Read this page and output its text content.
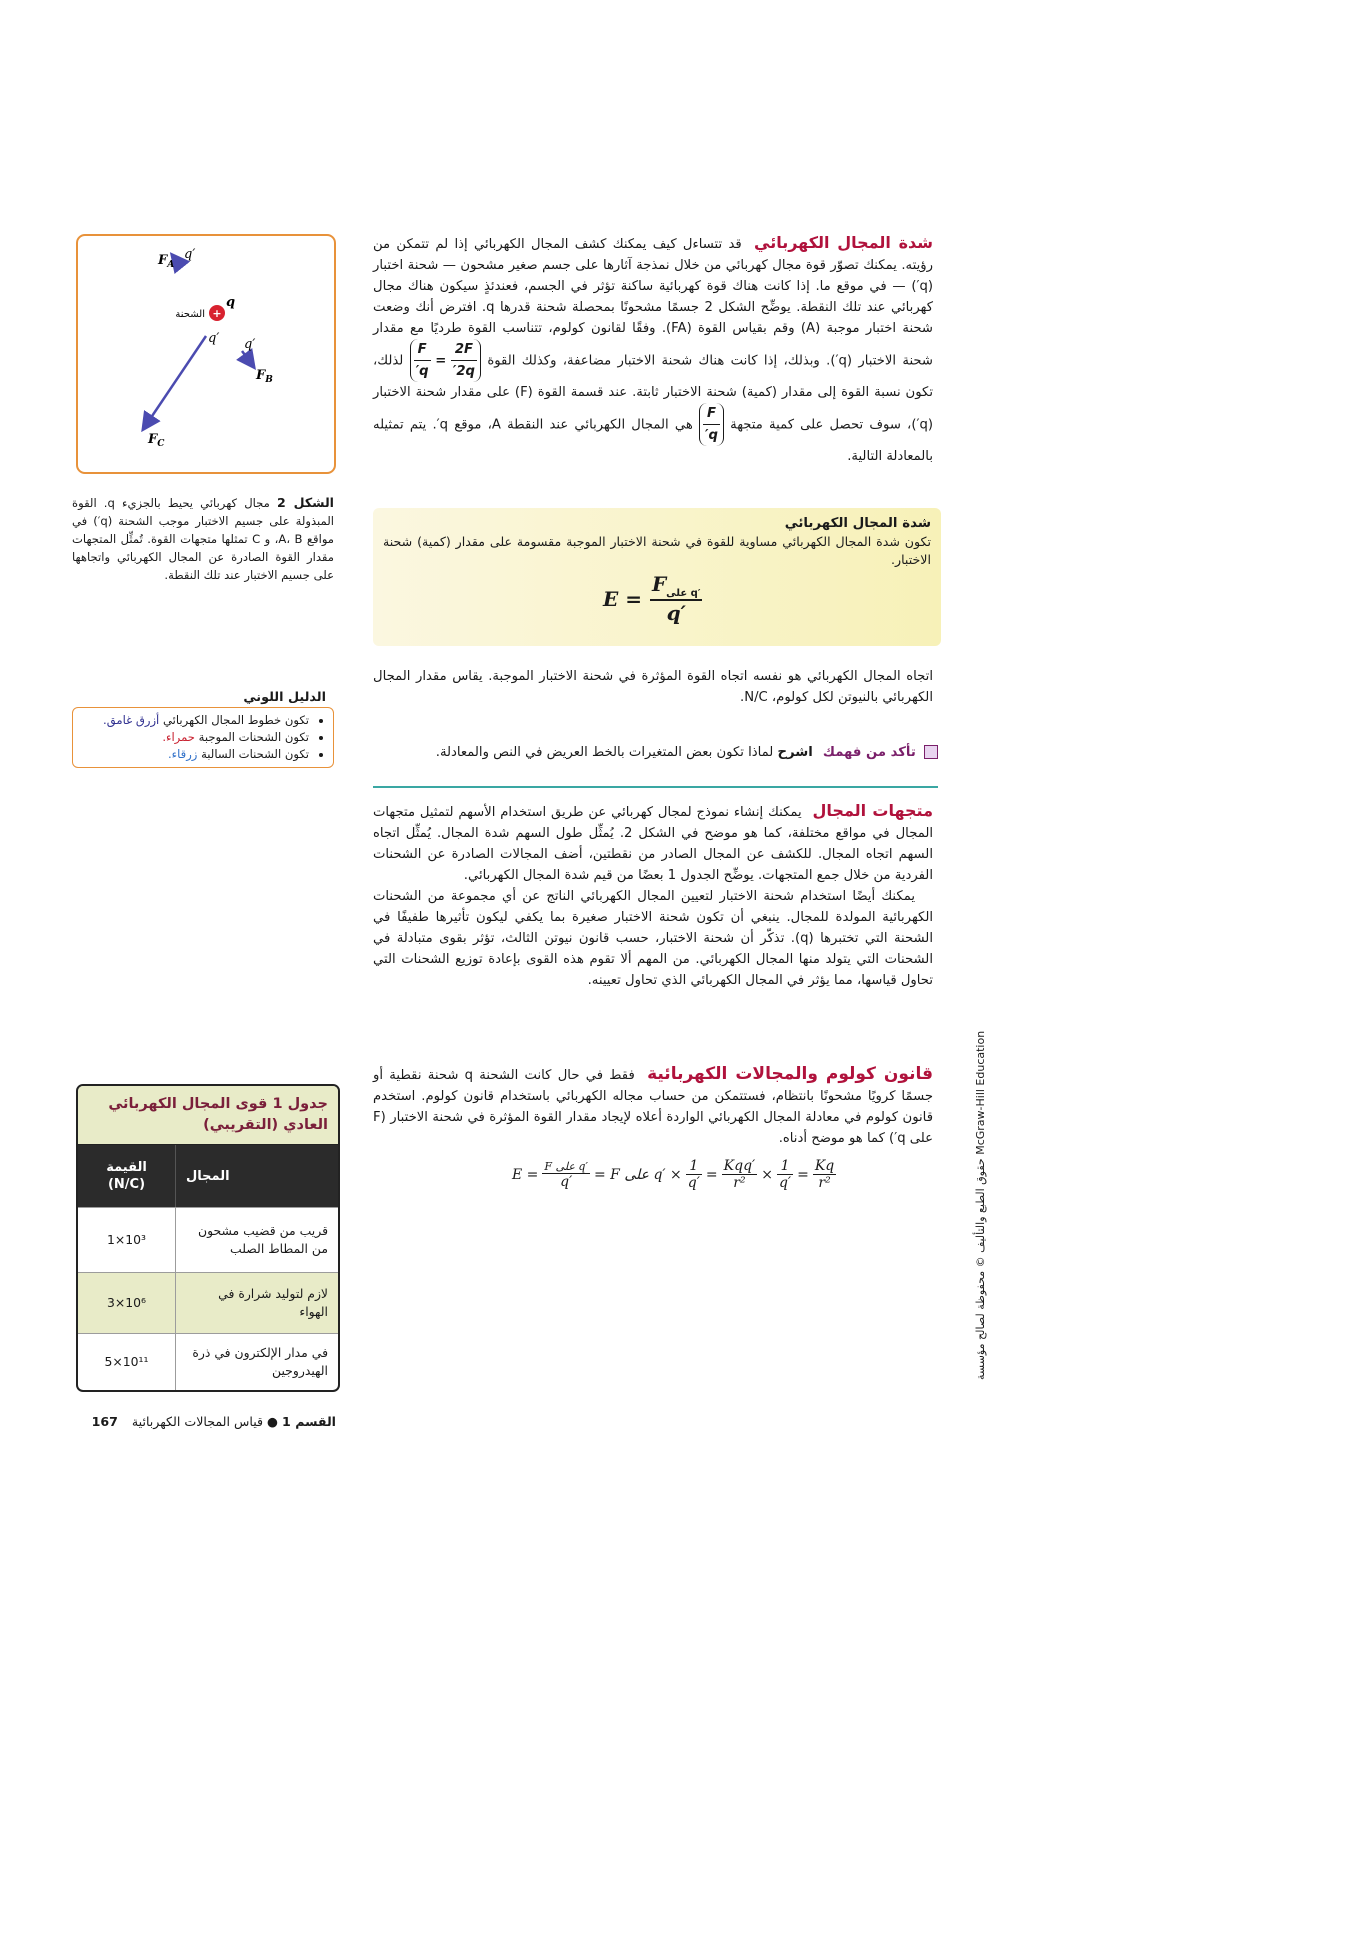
$F_A$
q′
+
q
الشحنة
q′
$F_C$
q′
$F_B$
الشكل 2 مجال كهربائي يحيط بالجزيء q. القوة المبذولة على جسيم الاختبار موجب الشحنة (q′) في مواقع A، B، و C تمثلها متجهات القوة. تُمثِّل المتجهات مقدار القوة الصادرة عن المجال الكهربائي واتجاهها على جسيم الاختبار عند تلك النقطة.
الدليل اللوني
• تكون خطوط المجال الكهربائي أزرق غامق.
• تكون الشحنات الموجبة حمراء.
• تكون الشحنات السالبة زرقاء.

شدة المجال الكهربائي قد تتساءل كيف يمكنك كشف المجال الكهربائي إذا لم تتمكن من رؤيته. يمكنك تصوّر قوة مجال كهربائي من خلال نمذجة آثارها على جسم صغير مشحون — شحنة اختبار (q′) — في موقع ما. إذا كانت هناك قوة كهربائية ساكنة تؤثر في الجسم، فعندئذٍ سيكون هناك مجال كهربائي عند تلك النقطة. يوضِّح الشكل 2 جسمًا مشحونًا بمحصلة شحنة قدرها q. افترض أنك وضعت شحنة اختبار موجبة (A) وقم بقياس القوة (FA). وفقًا لقانون كولوم، تتناسب القوة طرديًا مع مقدار شحنة الاختبار (q′). وبذلك، إذا كانت هناك شحنة الاختبار مضاعفة، وكذلك القوة
$\frac{2F}{2q'}$
=
$\frac{F}{q'}$
لذلك، تكون نسبة القوة إلى مقدار (كمية) شحنة الاختبار ثابتة. عند قسمة القوة (F) على مقدار شحنة الاختبار (q′)، سوف تحصل على كمية متجهة
$\frac{F}{q'}$
هي المجال الكهربائي عند النقطة A، موقع q′. يتم تمثيله بالمعادلة التالية.

شدة المجال الكهربائي
تكون شدة المجال الكهربائي مساوية للقوة في شحنة الاختبار الموجبة مقسومة على مقدار (كمية) شحنة الاختبار.
$E = \frac{F_{على q'}}{q'}$

اتجاه المجال الكهربائي هو نفسه اتجاه القوة المؤثرة في شحنة الاختبار الموجبة. يقاس مقدار المجال الكهربائي بالنيوتن لكل كولوم، N/C.

تأكد من فهمك اشرح لماذا تكون بعض المتغيرات بالخط العريض في النص والمعادلة.

متجهات المجال يمكنك إنشاء نموذج لمجال كهربائي عن طريق استخدام الأسهم لتمثيل متجهات المجال في مواقع مختلفة، كما هو موضح في الشكل 2. يُمثِّل طول السهم شدة المجال. يُمثِّل اتجاه السهم اتجاه المجال. للكشف عن المجال الصادر من نقطتين، أضف المجالات الصادرة عن الشحنات الفردية من خلال جمع المتجهات. يوضِّح الجدول 1 بعضًا من قيم شدة المجال الكهربائي.

يمكنك أيضًا استخدام شحنة الاختبار لتعيين المجال الكهربائي الناتج عن أي مجموعة من الشحنات الكهربائية المولدة للمجال. ينبغي أن تكون شحنة الاختبار صغيرة بما يكفي ليكون تأثيرها طفيفًا في الشحنة التي تختبرها (q). تذكّر أن شحنة الاختبار، حسب قانون نيوتن الثالث، تؤثر بقوى متبادلة في الشحنات التي يتولد منها المجال الكهربائي. من المهم ألا تقوم هذه القوى بإعادة توزيع الشحنات التي تحاول قياسها، مما يؤثر في المجال الكهربائي الذي تحاول تعيينه.

قانون كولوم والمجالات الكهربائية فقط في حال كانت الشحنة q شحنة نقطية أو جسمًا كرويًا مشحونًا بانتظام، فستتمكن من حساب مجاله الكهربائي باستخدام قانون كولوم. استخدم قانون كولوم في معادلة المجال الكهربائي الواردة أعلاه لإيجاد مقدار القوة المؤثرة في شحنة الاختبار (F على q′) كما هو موضح أدناه.

$E = \frac{\text{F على q′}}{q'} = F$ على $q' \times \frac{1}{q'} = \frac{\text{Kqq′}}{\text{r²}} \times \frac{1}{q'} = \frac{Kq}{\text{r²}}$
جدول 1 قوى المجال الكهربائي العادي (التقريبي)
القيمة
(N/C)
المجال
1×10³
قريب من قضيب مشحون من المطاط الصلب
3×10⁶
لازم لتوليد شرارة في الهواء
5×10¹¹
في مدار الإلكترون في ذرة الهيدروجين
القسم 1 ● قياس المجالات الكهربائية 167
حقوق الطبع والتأليف © محفوظة لصالح مؤسسة McGraw-Hill Education
